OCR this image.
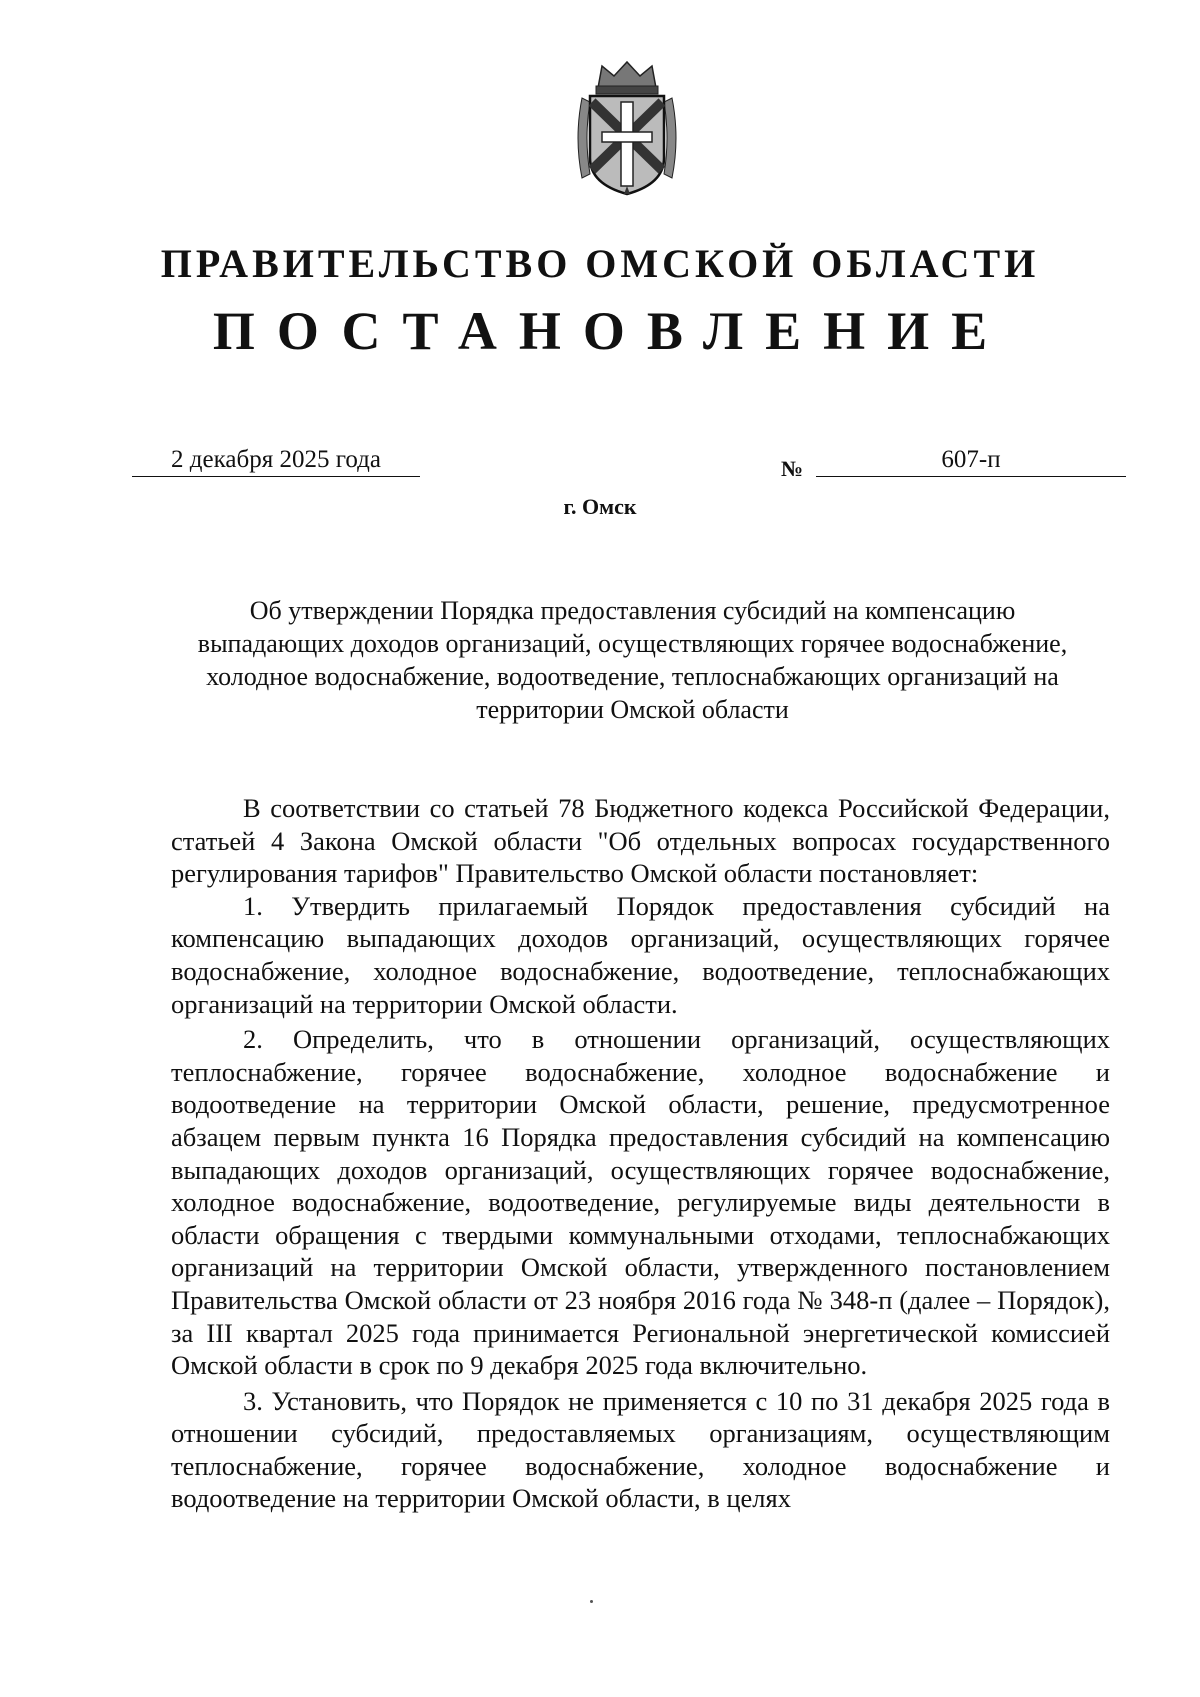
ПРАВИТЕЛЬСТВО ОМСКОЙ ОБЛАСТИ
ПОСТАНОВЛЕНИЕ
2 декабря 2025 года	№	607-п
г. Омск
Об утверждении Порядка предоставления субсидий на компенсацию выпадающих доходов организаций, осуществляющих горячее водоснабжение, холодное водоснабжение, водоотведение, теплоснабжающих организаций на территории Омской области

В соответствии со статьей 78 Бюджетного кодекса Российской Федерации, статьей 4 Закона Омской области "Об отдельных вопросах государственного регулирования тарифов" Правительство Омской области постановляет:

1. Утвердить прилагаемый Порядок предоставления субсидий на компенсацию выпадающих доходов организаций, осуществляющих горячее водоснабжение, холодное водоснабжение, водоотведение, теплоснабжающих организаций на территории Омской области.

2. Определить, что в отношении организаций, осуществляющих теплоснабжение, горячее водоснабжение, холодное водоснабжение и водоотведение на территории Омской области, решение, предусмотренное абзацем первым пункта 16 Порядка предоставления субсидий на компенсацию выпадающих доходов организаций, осуществляющих горячее водоснабжение, холодное водоснабжение, водоотведение, регулируемые виды деятельности в области обращения с твердыми коммунальными отходами, теплоснабжающих организаций на территории Омской области, утвержденного постановлением Правительства Омской области от 23 ноября 2016 года № 348-п (далее – Порядок), за III квартал 2025 года принимается Региональной энергетической комиссией Омской области в срок по 9 декабря 2025 года включительно.

3. Установить, что Порядок не применяется с 10 по 31 декабря 2025 года в отношении субсидий, предоставляемых организациям, осуществляющим теплоснабжение, горячее водоснабжение, холодное водоснабжение и водоотведение на территории Омской области, в целях
